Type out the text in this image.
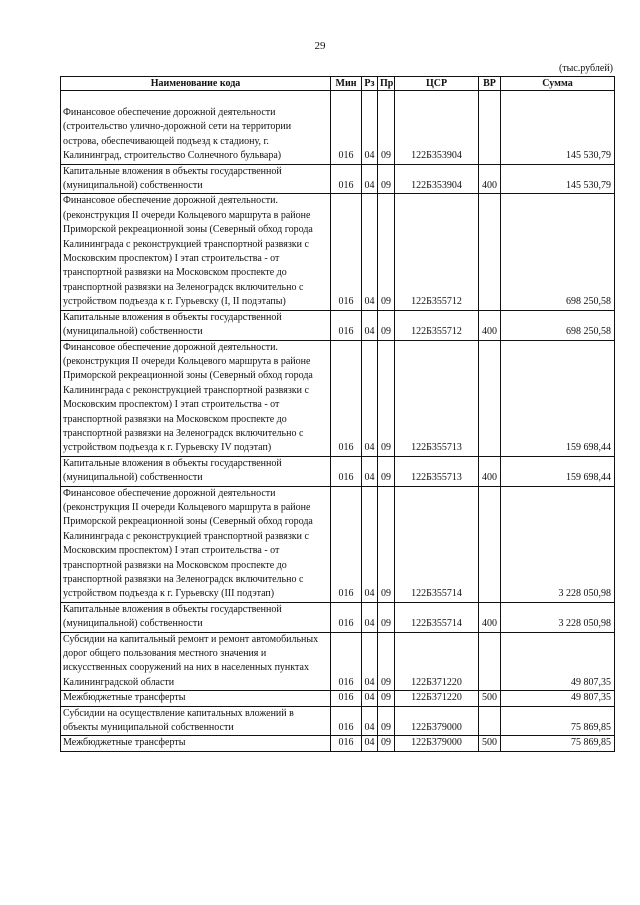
29
(тыс.рублей)
Наименование кода	Мин	Рз	Пр	ЦСР	ВР	Сумма
Финансовое обеспечение дорожной деятельности (строительство улично-дорожной сети на территории острова, обеспечивающей подъезд к стадиону, г. Калининград, строительство Солнечного бульвара)	016	04	09	122Б353904		145 530,79
Капитальные вложения в объекты государственной (муниципальной) собственности	016	04	09	122Б353904	400	145 530,79
Финансовое обеспечение дорожной деятельности. (реконструкция II очереди Кольцевого маршрута в районе Приморской рекреационной зоны (Северный обход города Калининграда с реконструкцией транспортной развязки с Московским проспектом) I этап строительства - от транспортной развязки на Московском проспекте до транспортной развязки на Зеленоградск включительно с устройством подъезда к г. Гурьевску (I, II подэтапы)	016	04	09	122Б355712		698 250,58
Капитальные вложения в объекты государственной (муниципальной) собственности	016	04	09	122Б355712	400	698 250,58
Финансовое обеспечение дорожной деятельности. (реконструкция II очереди Кольцевого маршрута в районе Приморской рекреационной зоны (Северный обход города Калининграда с реконструкцией транспортной развязки с Московским проспектом) I этап строительства - от транспортной развязки на Московском проспекте до транспортной развязки на Зеленоградск включительно с устройством подъезда к г. Гурьевску IV подэтап)	016	04	09	122Б355713		159 698,44
Капитальные вложения в объекты государственной (муниципальной) собственности	016	04	09	122Б355713	400	159 698,44
Финансовое обеспечение дорожной деятельности (реконструкция II очереди Кольцевого маршрута в районе Приморской рекреационной зоны (Северный обход города Калининграда с реконструкцией транспортной развязки с Московским проспектом) I этап строительства - от транспортной развязки на Московском проспекте до транспортной развязки на Зеленоградск включительно с устройством подъезда к г. Гурьевску (III подэтап)	016	04	09	122Б355714		3 228 050,98
Капитальные вложения в объекты государственной (муниципальной) собственности	016	04	09	122Б355714	400	3 228 050,98
Субсидии на капитальный ремонт и ремонт автомобильных дорог общего пользования местного значения и искусственных сооружений на них в населенных пунктах Калининградской области	016	04	09	122Б371220		49 807,35
Межбюджетные трансферты	016	04	09	122Б371220	500	49 807,35
Субсидии на осуществление капитальных вложений в объекты муниципальной собственности	016	04	09	122Б379000		75 869,85
Межбюджетные трансферты	016	04	09	122Б379000	500	75 869,85
